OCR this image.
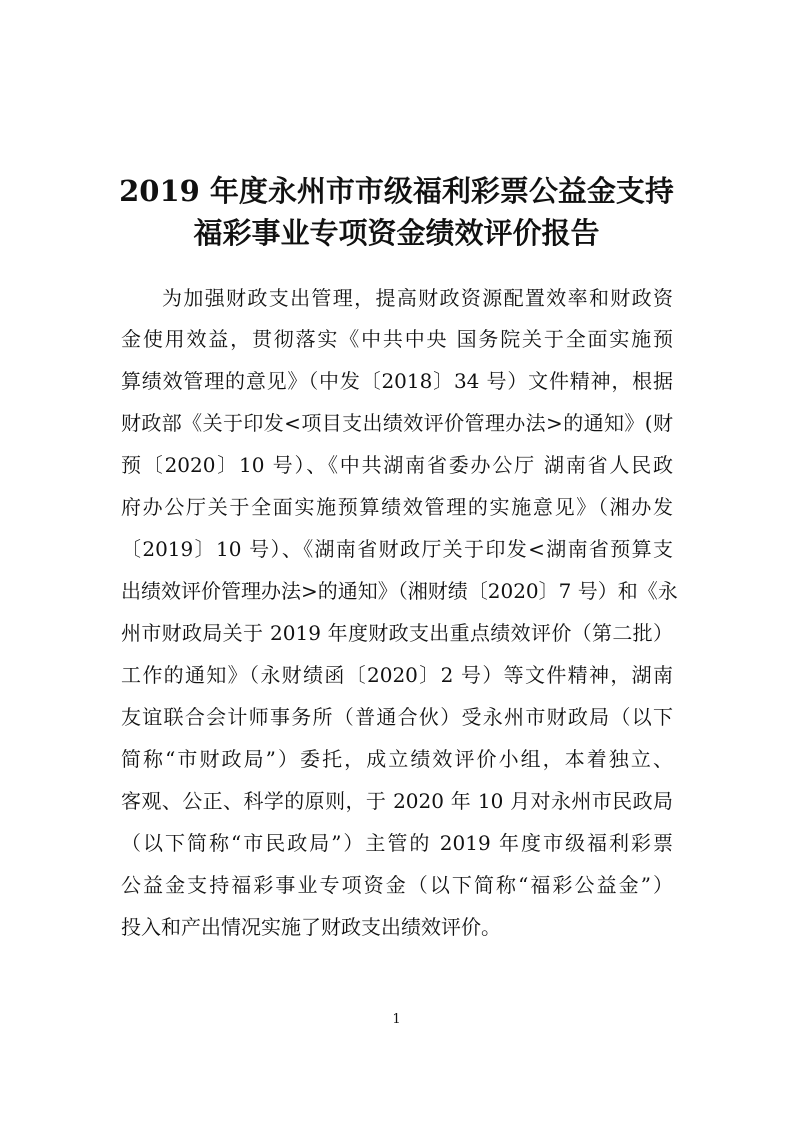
2019 年度永州市市级福利彩票公益金支持
福彩事业专项资金绩效评价报告
为加强财政支出管理，提高财政资源配置效率和财政资
金使用效益，贯彻落实《中共中央 国务院关于全面实施预
算绩效管理的意见》（中发〔2018〕34 号）文件精神，根据
财政部《关于印发<项目支出绩效评价管理办法>的通知》(财
预〔2020〕10 号）、《中共湖南省委办公厅 湖南省人民政
府办公厅关于全面实施预算绩效管理的实施意见》（湘办发
〔2019〕10 号）、《湖南省财政厅关于印发<湖南省预算支
出绩效评价管理办法>的通知》（湘财绩〔2020〕7 号）和《永
州市财政局关于 2019 年度财政支出重点绩效评价（第二批）
工作的通知》（永财绩函〔2020〕2 号）等文件精神，湖南
友谊联合会计师事务所（普通合伙）受永州市财政局（以下
简称“市财政局”）委托，成立绩效评价小组，本着独立、
客观、公正、科学的原则，于 2020 年 10 月对永州市民政局
（以下简称“市民政局”）主管的 2019 年度市级福利彩票
公益金支持福彩事业专项资金（以下简称“福彩公益金”）
投入和产出情况实施了财政支出绩效评价。
1
